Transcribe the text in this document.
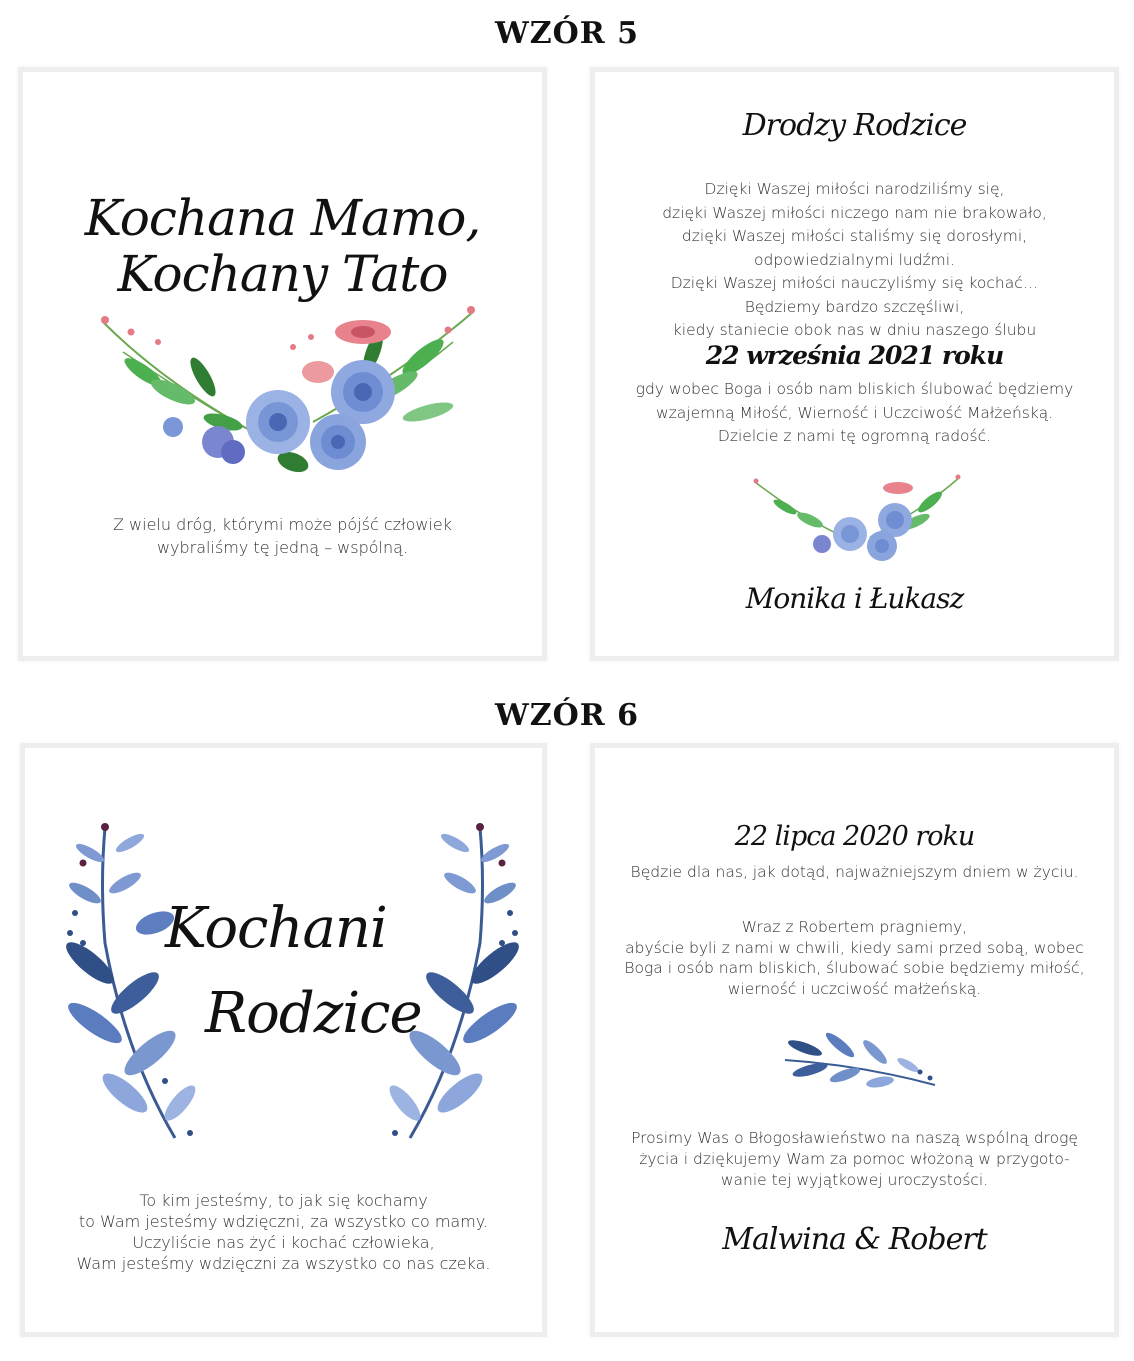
WZÓR 5
Kochana Mamo,
Kochany Tato
Z wielu dróg, którymi może pójść człowiek
wybraliśmy tę jedną – wspólną.
Drodzy Rodzice
Dzięki Waszej miłości narodziliśmy się,
dzięki Waszej miłości niczego nam nie brakowało,
dzięki Waszej miłości staliśmy się dorosłymi,
odpowiedzialnymi ludźmi.
Dzięki Waszej miłości nauczyliśmy się kochać…
Będziemy bardzo szczęśliwi,
kiedy staniecie obok nas w dniu naszego ślubu
22 września 2021 roku
gdy wobec Boga i osób nam bliskich ślubować będziemy
wzajemną Miłość, Wierność i Uczciwość Małżeńską.
Dzielcie z nami tę ogromną radość.
Monika i Łukasz
WZÓR 6
Kochani
Rodzice
To kim jesteśmy, to jak się kochamy
to Wam jesteśmy wdzięczni, za wszystko co mamy.
Uczyliście nas żyć i kochać człowieka,
Wam jesteśmy wdzięczni za wszystko co nas czeka.
22 lipca 2020 roku
Będzie dla nas, jak dotąd, najważniejszym dniem w życiu.
Wraz z Robertem pragniemy,
abyście byli z nami w chwili, kiedy sami przed sobą, wobec
Boga i osób nam bliskich, ślubować sobie będziemy miłość,
wierność i uczciwość małżeńską.
Prosimy Was o Błogosławieństwo na naszą wspólną drogę
życia i dziękujemy Wam za pomoc włożoną w przygoto-
wanie tej wyjątkowej uroczystości.
Malwina & Robert
